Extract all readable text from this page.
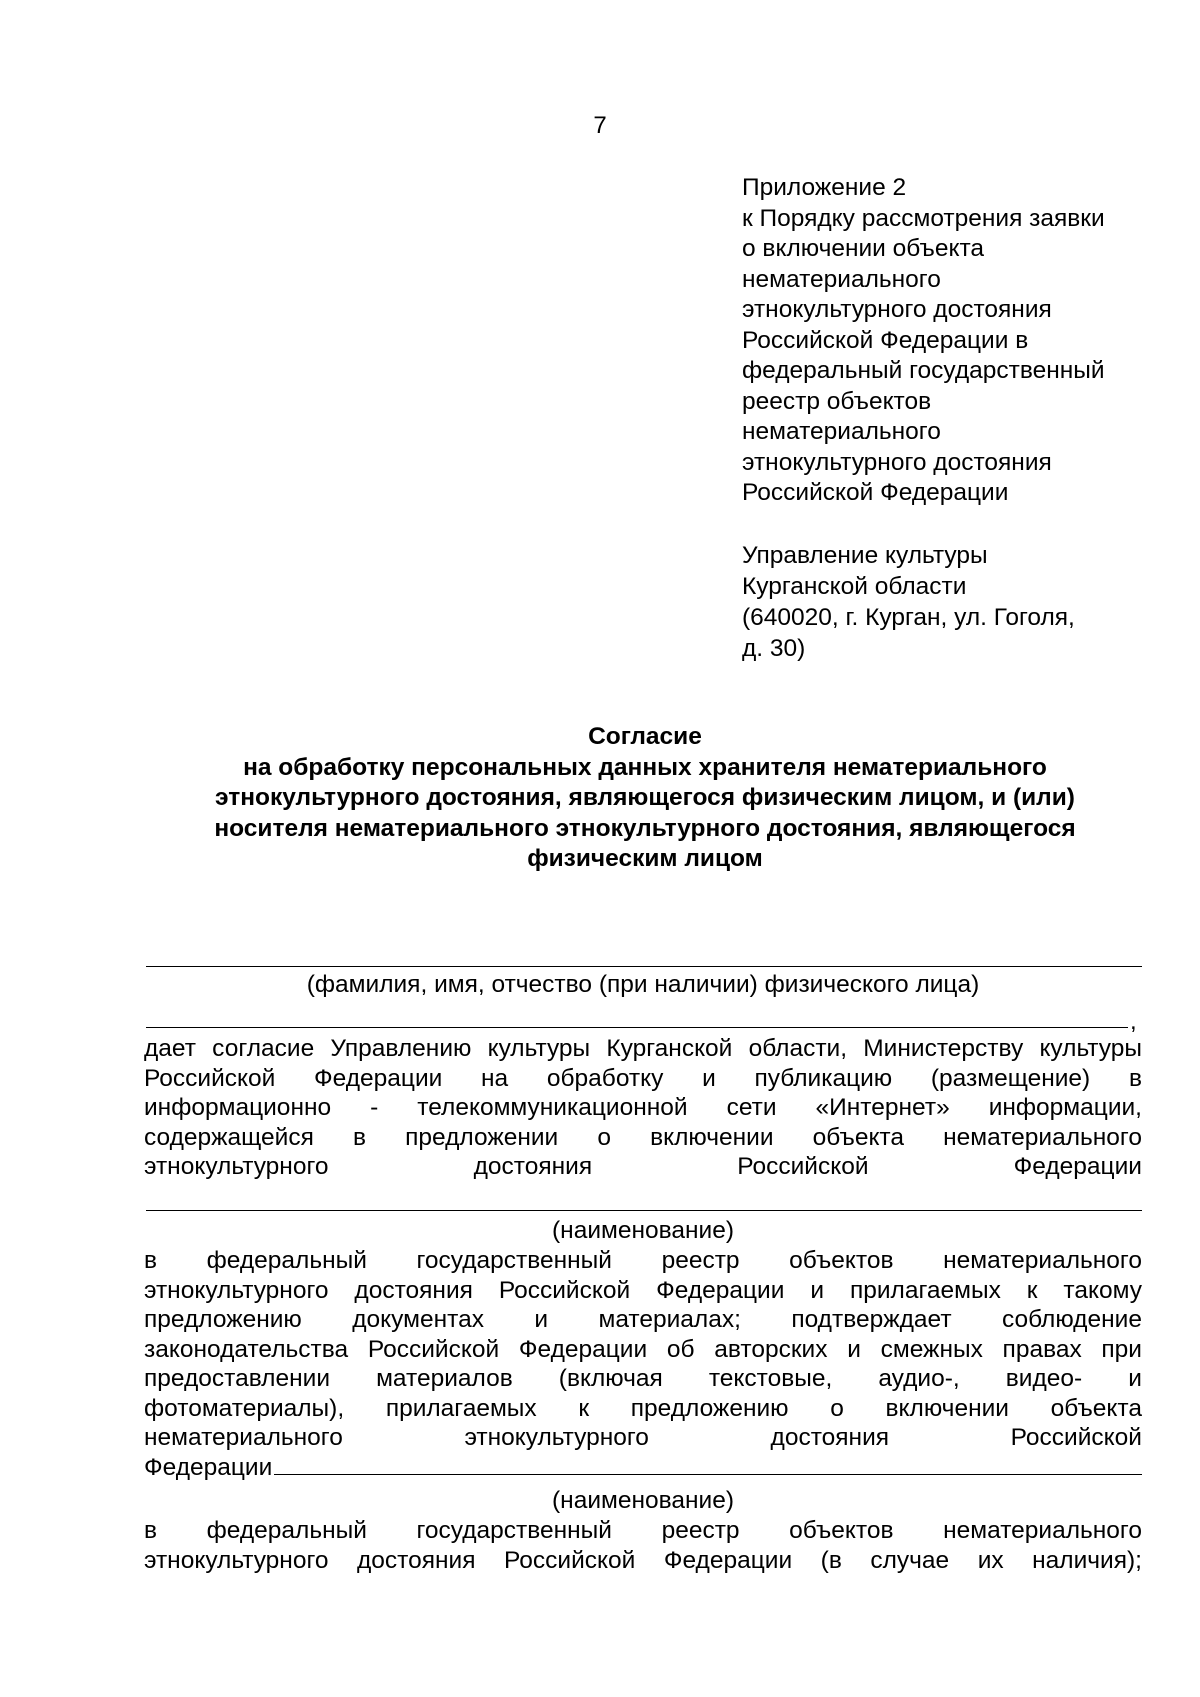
7
Приложение 2
к Порядку рассмотрения заявки
о включении объекта
нематериального
этнокультурного достояния
Российской Федерации в
федеральный государственный
реестр объектов
нематериального
этнокультурного достояния
Российской Федерации
Управление культуры
Курганской области
(640020, г. Курган, ул. Гоголя,
д. 30)
Согласие
на обработку персональных данных хранителя нематериального
этнокультурного достояния, являющегося физическим лицом, и (или)
носителя нематериального этнокультурного достояния, являющегося
физическим лицом
(фамилия, имя, отчество (при наличии) физического лица)
,
дает согласие Управлению культуры Курганской области, Министерству культуры
Российской Федерации на обработку и публикацию (размещение) в
информационно - телекоммуникационной сети «Интернет» информации,
содержащейся в предложении о включении объекта нематериального
этнокультурного	достояния	Российской	Федерации
(наименование)
в федеральный государственный реестр объектов нематериального
этнокультурного достояния Российской Федерации и прилагаемых к такому
предложению документах и материалах; подтверждает соблюдение
законодательства Российской Федерации об авторских и смежных правах при
предоставлении материалов (включая текстовые, аудио-, видео- и
фотоматериалы), прилагаемых к предложению о включении объекта
нематериального	этнокультурного	достояния	Российской
Федерации
(наименование)
в федеральный государственный реестр объектов нематериального
этнокультурного достояния Российской Федерации (в случае их наличия);
